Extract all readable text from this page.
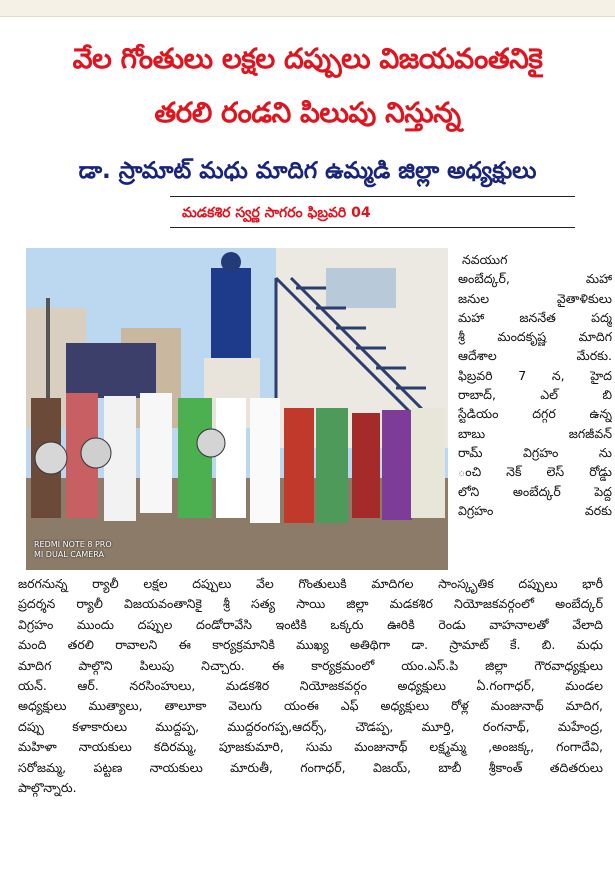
వేల గోంతులు లక్షల దప్పులు విజయవంతనికై
తరలి రండని పిలుపు నిస్తున్న
డా. స్రామాట్ మధు మాదిగ ఉమ్మడి జిల్లా అధ్యక్షులు
మడకశిర స్వర్ణ సాగరం ఫిబ్రవరి 04
REDMI NOTE 8 PRO
MI DUAL CAMERA
నవయుగ
అంబేద్కర్, మహా
జనుల వైతాళికులు
మహా జననేత పద్మ
శ్రీ మందకృష్ణ మాదిగ
ఆదేశాల మేరకు.
ఫిబ్రవరి 7 న, హైద
రాబాద్, ఎల్ బి
స్టేడియం దగ్గర ఉన్న
బాబు జగజీవన్
రామ్ విగ్రహం ను
ంచి నెక్ లెస్ రోడ్డు
లోని అంబేద్కర్ పెద్ద
విగ్రహం వరకు
జరగనున్న ర్యాలీ లక్షల దప్పులు వేల గొంతులుకి మాదిగల సాంస్కృతిక దప్పులు భారీ
ప్రదర్శన ర్యాలీ విజయవంతానికై శ్రీ సత్య సాయి జిల్లా మడకశిర నియోజకవర్గంలో అంబేద్కర్
విగ్రహం ముందు దప్పుల దండోరావేసి ఇంటికి ఒక్కరు ఊరికి రెండు వాహనాలతో వేలాది
మంది తరలి రావాలని ఈ కార్యక్రమానికి ముఖ్య అతిథిగా డా. స్రామాట్ కే. బి. మధు
మాదిగ పాల్గొని పిలుపు నిచ్చారు. ఈ కార్యక్రమంలో యం.ఎస్.పి జిల్లా గౌరవాధ్యక్షులు
యన్. ఆర్. నరసింహులు, మడకశిర నియోజకవర్గం అధ్యక్షులు ఏ.గంగాధర్, మండల
అధ్యక్షులు ముత్యాలు, తాలూకా వెలుగు యంఈ ఎఫ్ అధ్యక్షులు రోళ్ల మంజునాథ్ మాదిగ,
దప్పు కళాకారులు ముద్దప్ప, ముద్దరంగప్ప,ఆదర్స్, చౌడప్ప, మూర్తి, రంగనాథ్, మహేంద్ర,
మహిళా నాయకులు కదిరమ్మ, పూజకుమారి, సుమ మంజునాథ్ లక్ష్మమ్మ ,అంజక్క, గంగాదేవి,
సరోజమ్మ, పట్టణ నాయకులు మారుతీ, గంగాధర్, విజయ్, బాబీ శ్రీకాంత్ తదితరులు
పాల్గొన్నారు.
